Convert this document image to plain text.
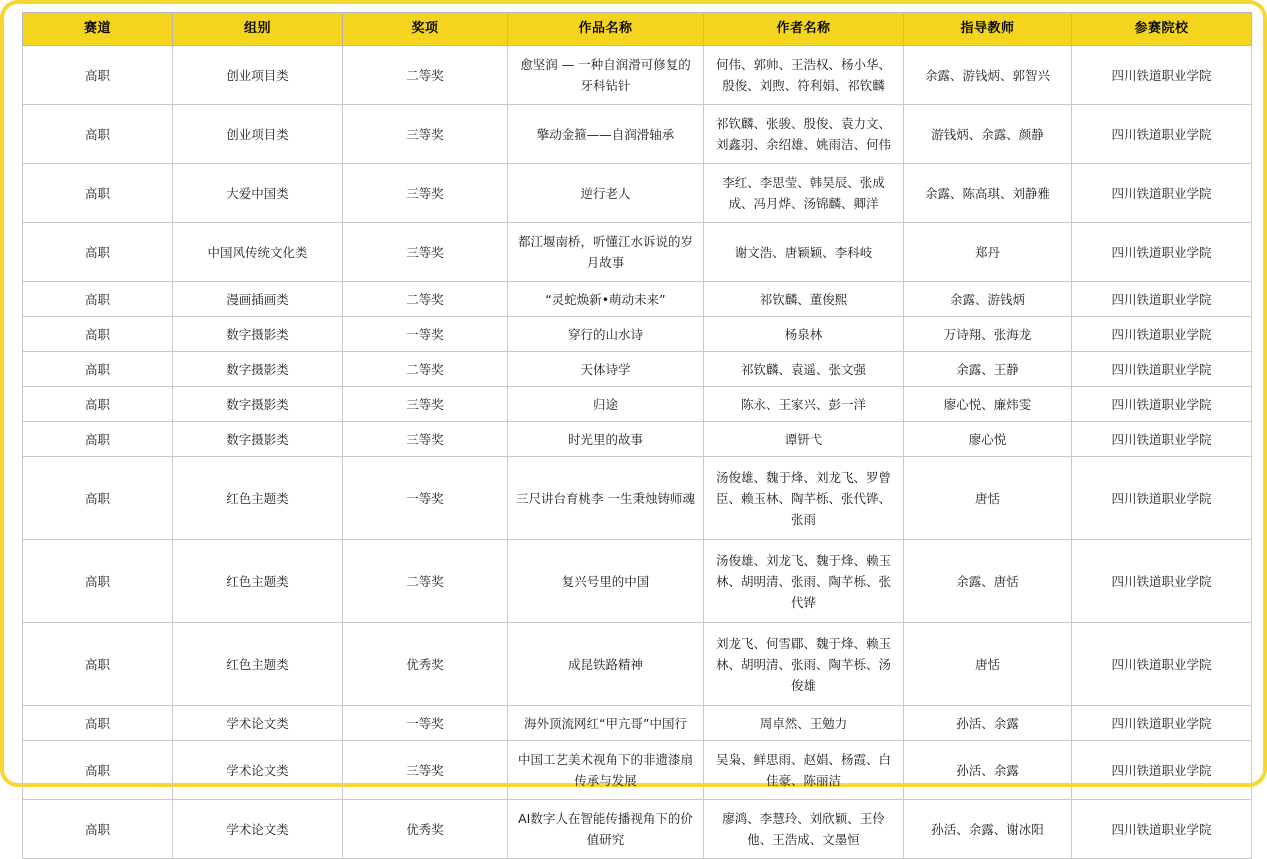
赛道	组别	奖项	作品名称	作者名称	指导教师	参赛院校
高职	创业项目类	二等奖	愈坚润 — 一种自润滑可修复的牙科钻针	何伟、郭帅、王浩权、杨小华、殷俊、刘煦、符利娟、祁钦麟	余露、游钱炳、郭智兴	四川铁道职业学院
高职	创业项目类	三等奖	擎动金箍——自润滑轴承	祁钦麟、张骏、殷俊、袁力文、刘鑫羽、余绍雄、姚雨洁、何伟	游钱炳、余露、颜静	四川铁道职业学院
高职	大爱中国类	三等奖	逆行老人	李红、李思莹、韩昊辰、张成成、冯月烨、汤锦麟、卿洋	余露、陈高琪、刘静雅	四川铁道职业学院
高职	中国风传统文化类	三等奖	都江堰南桥，听懂江水诉说的岁月故事	谢文浩、唐颖颖、李科岐	郑丹	四川铁道职业学院
高职	漫画插画类	二等奖	“灵蛇焕新•萌动未来”	祁钦麟、董俊熙	余露、游钱炳	四川铁道职业学院
高职	数字摄影类	一等奖	穿行的山水诗	杨泉林	万诗翔、张海龙	四川铁道职业学院
高职	数字摄影类	二等奖	天体诗学	祁钦麟、袁遥、张文强	余露、王静	四川铁道职业学院
高职	数字摄影类	三等奖	归途	陈永、王家兴、彭一洋	廖心悦、廉炜雯	四川铁道职业学院
高职	数字摄影类	三等奖	时光里的故事	谭钘弋	廖心悦	四川铁道职业学院
高职	红色主题类	一等奖	三尺讲台育桃李 一生秉烛铸师魂	汤俊雄、魏于烽、刘龙飞、罗曾臣、赖玉林、陶芊栎、张代铧、张雨	唐恬	四川铁道职业学院
高职	红色主题类	二等奖	复兴号里的中国	汤俊雄、刘龙飞、魏于烽、赖玉林、胡明清、张雨、陶芊栎、张代铧	余露、唐恬	四川铁道职业学院
高职	红色主题类	优秀奖	成昆铁路精神	刘龙飞、何雪郿、魏于烽、赖玉林、胡明清、张雨、陶芊栎、汤俊雄	唐恬	四川铁道职业学院
高职	学术论文类	一等奖	海外顶流网红“甲亢哥”中国行	周卓然、王勉力	孙活、余露	四川铁道职业学院
高职	学术论文类	三等奖	中国工艺美术视角下的非遗漆扇传承与发展	吴枭、鲜思雨、赵娟、杨霞、白佳豪、陈丽洁	孙活、余露	四川铁道职业学院
高职	学术论文类	优秀奖	AI数字人在智能传播视角下的价值研究	廖鸿、李慧玲、刘欣颖、王伶他、王浩成、文墨恒	孙活、余露、谢冰阳	四川铁道职业学院
